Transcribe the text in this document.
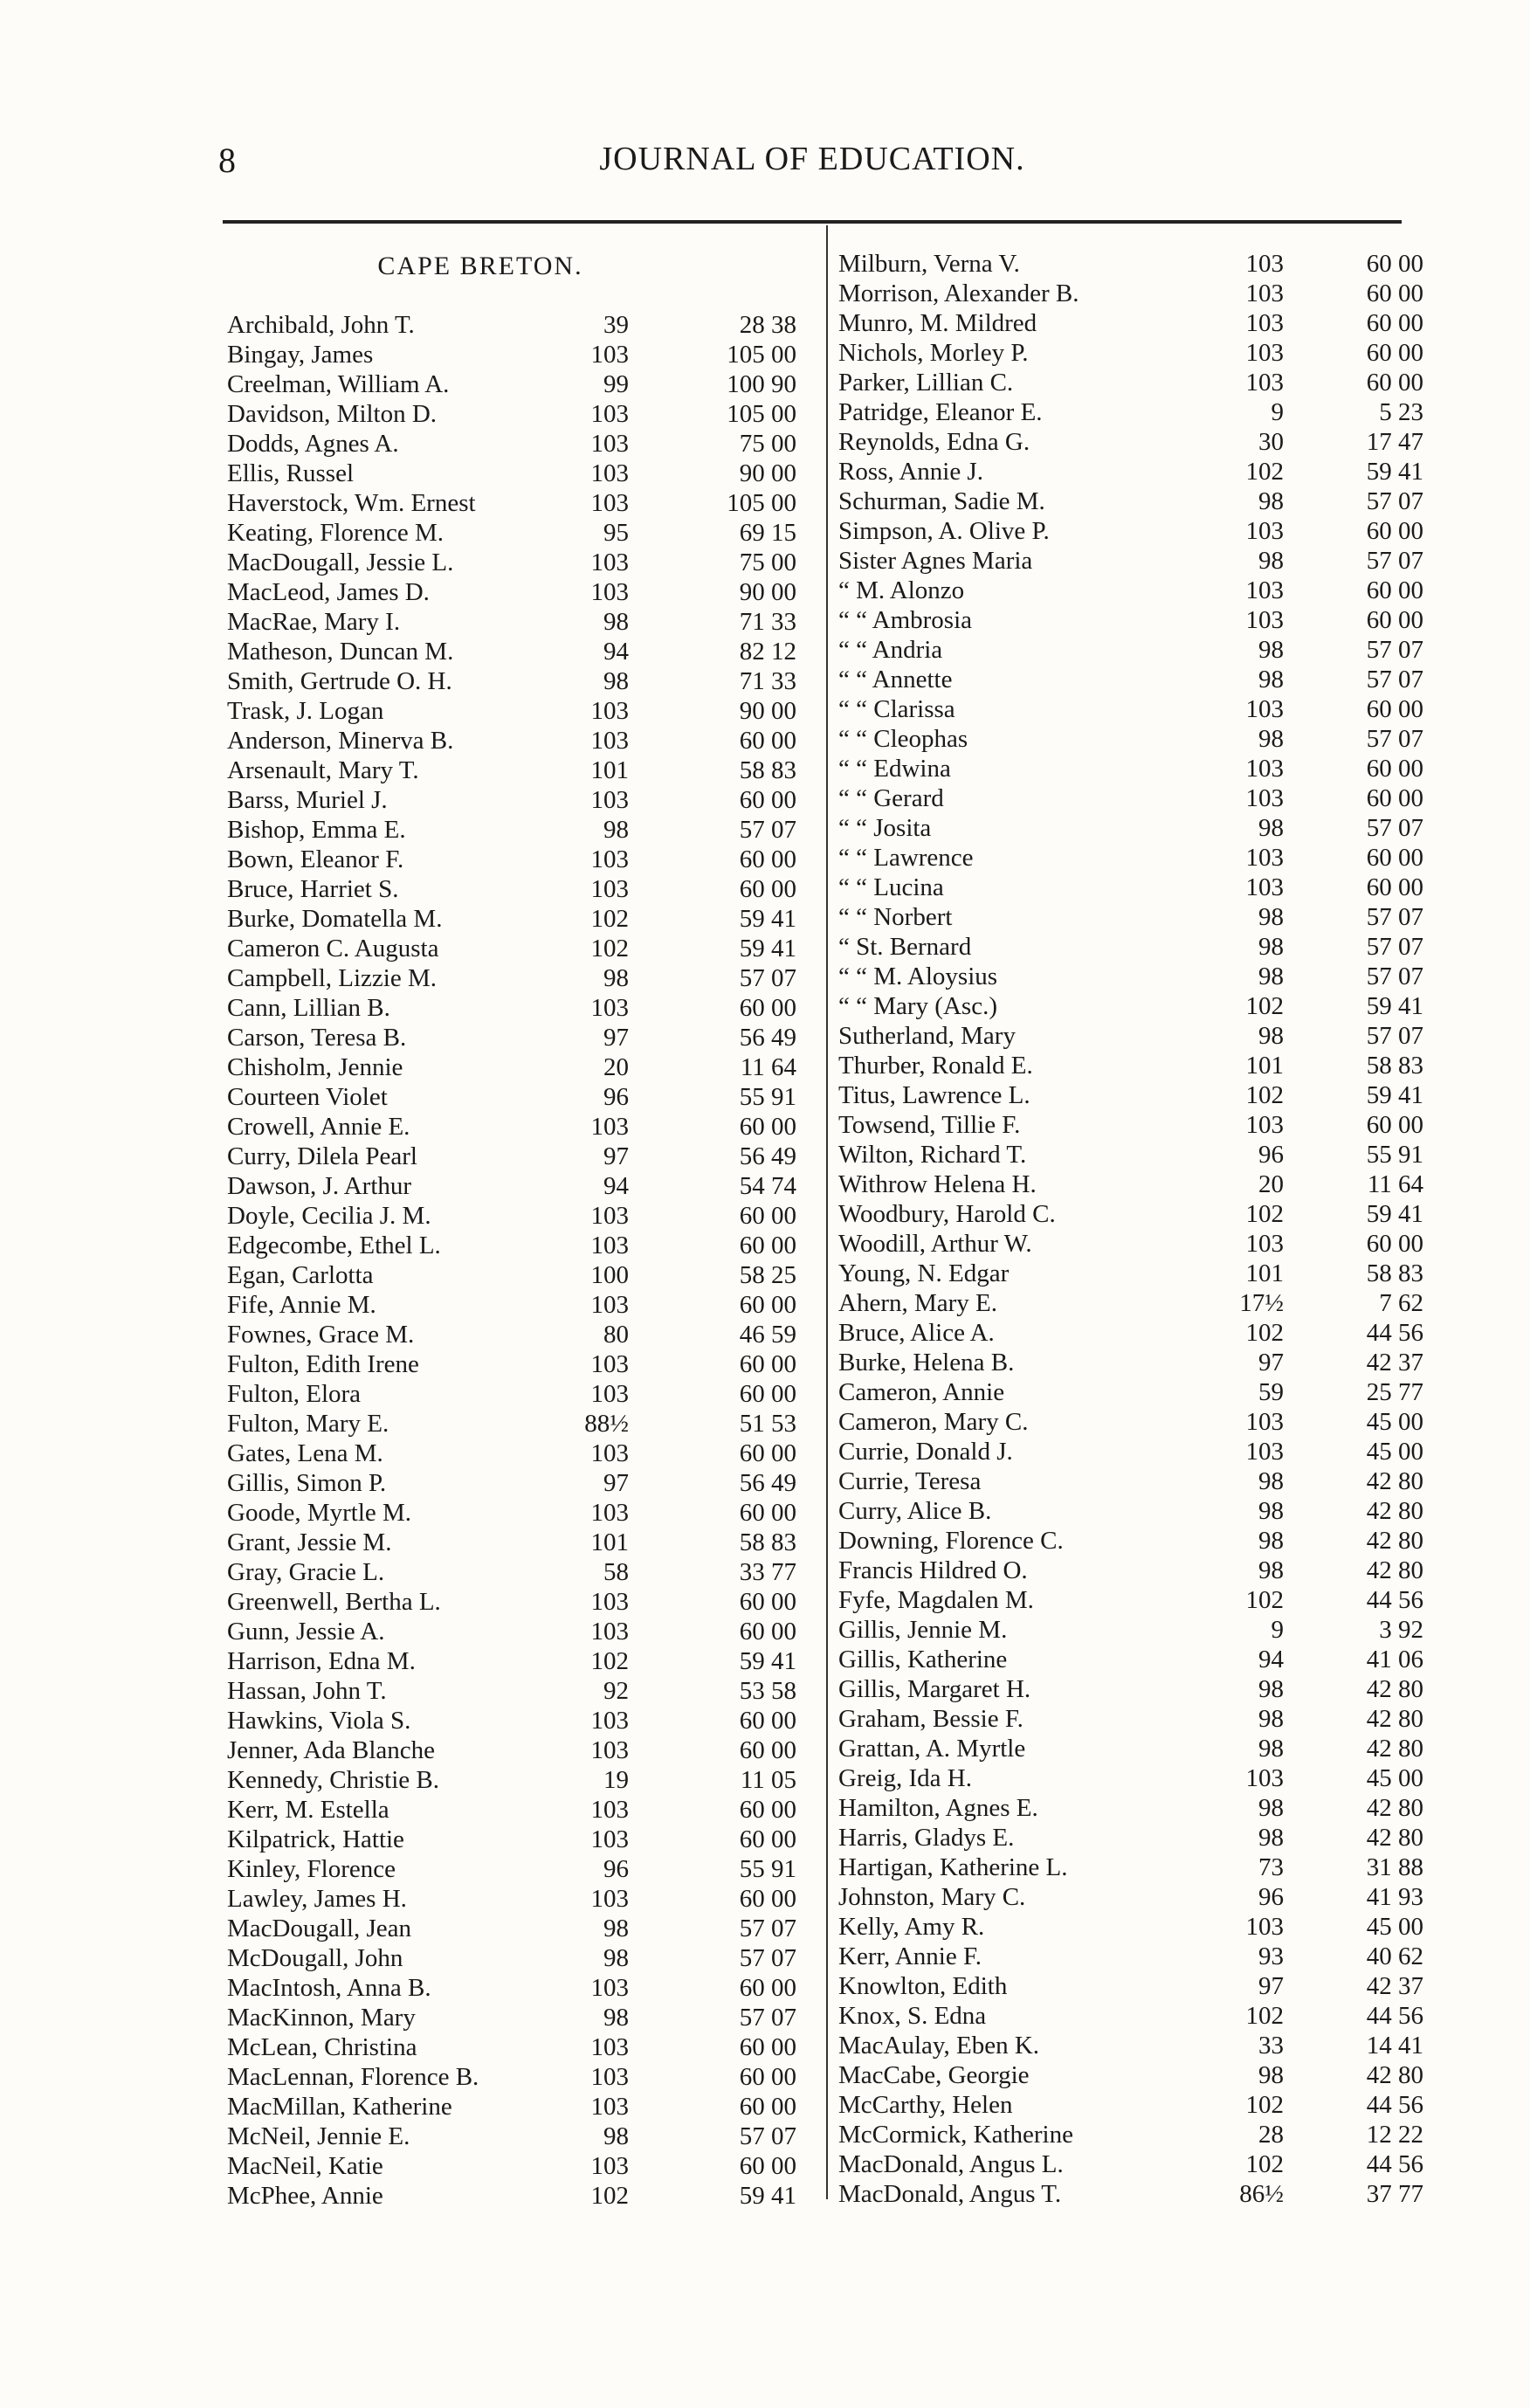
8	JOURNAL OF EDUCATION.
CAPE BRETON.
Archibald, John T.	39	28 38
Bingay, James	103	105 00
Creelman, William A.	99	100 90
Davidson, Milton D.	103	105 00
Dodds, Agnes A.	103	75 00
Ellis, Russel	103	90 00
Haverstock, Wm. Ernest	103	105 00
Keating, Florence M.	95	69 15
MacDougall, Jessie L.	103	75 00
MacLeod, James D.	103	90 00
MacRae, Mary I.	98	71 33
Matheson, Duncan M.	94	82 12
Smith, Gertrude O. H.	98	71 33
Trask, J. Logan	103	90 00
Anderson, Minerva B.	103	60 00
Arsenault, Mary T.	101	58 83
Barss, Muriel J.	103	60 00
Bishop, Emma E.	98	57 07
Bown, Eleanor F.	103	60 00
Bruce, Harriet S.	103	60 00
Burke, Domatella M.	102	59 41
Cameron C. Augusta	102	59 41
Campbell, Lizzie M.	98	57 07
Cann, Lillian B.	103	60 00
Carson, Teresa B.	97	56 49
Chisholm, Jennie	20	11 64
Courteen Violet	96	55 91
Crowell, Annie E.	103	60 00
Curry, Dilela Pearl	97	56 49
Dawson, J. Arthur	94	54 74
Doyle, Cecilia J. M.	103	60 00
Edgecombe, Ethel L.	103	60 00
Egan, Carlotta	100	58 25
Fife, Annie M.	103	60 00
Fownes, Grace M.	80	46 59
Fulton, Edith Irene	103	60 00
Fulton, Elora	103	60 00
Fulton, Mary E.	88½	51 53
Gates, Lena M.	103	60 00
Gillis, Simon P.	97	56 49
Goode, Myrtle M.	103	60 00
Grant, Jessie M.	101	58 83
Gray, Gracie L.	58	33 77
Greenwell, Bertha L.	103	60 00
Gunn, Jessie A.	103	60 00
Harrison, Edna M.	102	59 41
Hassan, John T.	92	53 58
Hawkins, Viola S.	103	60 00
Jenner, Ada Blanche	103	60 00
Kennedy, Christie B.	19	11 05
Kerr, M. Estella	103	60 00
Kilpatrick, Hattie	103	60 00
Kinley, Florence	96	55 91
Lawley, James H.	103	60 00
MacDougall, Jean	98	57 07
McDougall, John	98	57 07
MacIntosh, Anna B.	103	60 00
MacKinnon, Mary	98	57 07
McLean, Christina	103	60 00
MacLennan, Florence B.	103	60 00
MacMillan, Katherine	103	60 00
McNeil, Jennie E.	98	57 07
MacNeil, Katie	103	60 00
McPhee, Annie	102	59 41
Milburn, Verna V.	103	60 00
Morrison, Alexander B.	103	60 00
Munro, M. Mildred	103	60 00
Nichols, Morley P.	103	60 00
Parker, Lillian C.	103	60 00
Patridge, Eleanor E.	9	5 23
Reynolds, Edna G.	30	17 47
Ross, Annie J.	102	59 41
Schurman, Sadie M.	98	57 07
Simpson, A. Olive P.	103	60 00
Sister Agnes Maria	98	57 07
“ M. Alonzo	103	60 00
“ “ Ambrosia	103	60 00
“ “ Andria	98	57 07
“ “ Annette	98	57 07
“ “ Clarissa	103	60 00
“ “ Cleophas	98	57 07
“ “ Edwina	103	60 00
“ “ Gerard	103	60 00
“ “ Josita	98	57 07
“ “ Lawrence	103	60 00
“ “ Lucina	103	60 00
“ “ Norbert	98	57 07
“ St. Bernard	98	57 07
“ “ M. Aloysius	98	57 07
“ “ Mary (Asc.)	102	59 41
Sutherland, Mary	98	57 07
Thurber, Ronald E.	101	58 83
Titus, Lawrence L.	102	59 41
Towsend, Tillie F.	103	60 00
Wilton, Richard T.	96	55 91
Withrow Helena H.	20	11 64
Woodbury, Harold C.	102	59 41
Woodill, Arthur W.	103	60 00
Young, N. Edgar	101	58 83
Ahern, Mary E.	17½	7 62
Bruce, Alice A.	102	44 56
Burke, Helena B.	97	42 37
Cameron, Annie	59	25 77
Cameron, Mary C.	103	45 00
Currie, Donald J.	103	45 00
Currie, Teresa	98	42 80
Curry, Alice B.	98	42 80
Downing, Florence C.	98	42 80
Francis Hildred O.	98	42 80
Fyfe, Magdalen M.	102	44 56
Gillis, Jennie M.	9	3 92
Gillis, Katherine	94	41 06
Gillis, Margaret H.	98	42 80
Graham, Bessie F.	98	42 80
Grattan, A. Myrtle	98	42 80
Greig, Ida H.	103	45 00
Hamilton, Agnes E.	98	42 80
Harris, Gladys E.	98	42 80
Hartigan, Katherine L.	73	31 88
Johnston, Mary C.	96	41 93
Kelly, Amy R.	103	45 00
Kerr, Annie F.	93	40 62
Knowlton, Edith	97	42 37
Knox, S. Edna	102	44 56
MacAulay, Eben K.	33	14 41
MacCabe, Georgie	98	42 80
McCarthy, Helen	102	44 56
McCormick, Katherine	28	12 22
MacDonald, Angus L.	102	44 56
MacDonald, Angus T.	86½	37 77
